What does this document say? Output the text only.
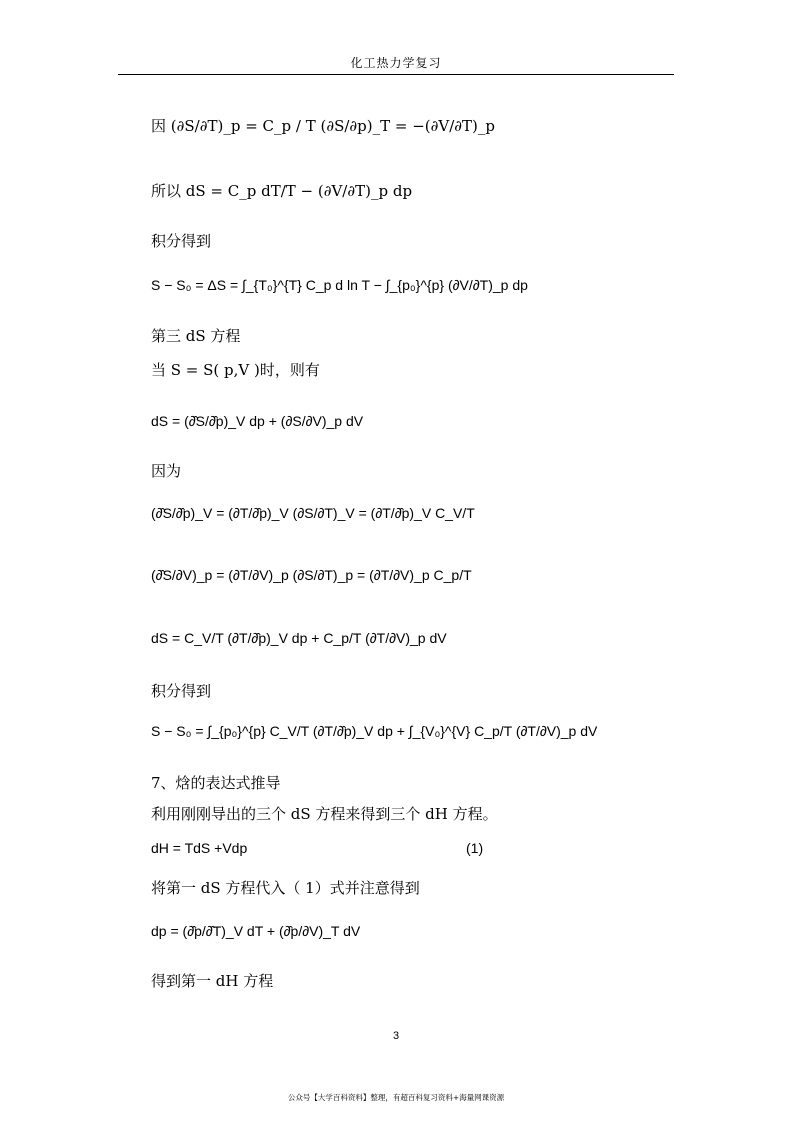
化工热力学复习
因 (∂S/∂T)_p = C_p / T (∂S/∂p)_T = −(∂V/∂T)_p
所以 dS = C_p dT/T − (∂V/∂T)_p dp
积分得到
S − S₀ = ΔS = ∫_{T₀}^{T} C_p d ln T − ∫_{p₀}^{p} (∂V/∂T)_p dp
第三 dS 方程
当 S = S( p,V )时，则有
dS = (∂̂S/∂̂p)_V dp + (∂S/∂V)_p dV
因为
(∂̂S/∂̂p)_V = (∂T/∂̂p)_V (∂S/∂T)_V = (∂T/∂̂p)_V C_V/T
(∂̂S/∂V)_p = (∂T/∂V)_p (∂S/∂T)_p = (∂T/∂V)_p C_p/T
dS = C_V/T (∂T/∂̂p)_V dp + C_p/T (∂T/∂V)_p dV
积分得到
S − S₀ = ∫_{p₀}^{p} C_V/T (∂T/∂̂p)_V dp + ∫_{V₀}^{V} C_p/T (∂T/∂V)_p dV
7、焓的表达式推导
利用刚刚导出的三个 dS 方程来得到三个 dH 方程。
dH = TdS +Vdp	(1)
将第一 dS 方程代入（ 1）式并注意得到
dp = (∂̂p/∂̂T)_V dT + (∂̂p/∂V)_T dV
得到第一 dH 方程
3
公众号【大学百科资料】整理，有超百科复习资料+海量网课资源
